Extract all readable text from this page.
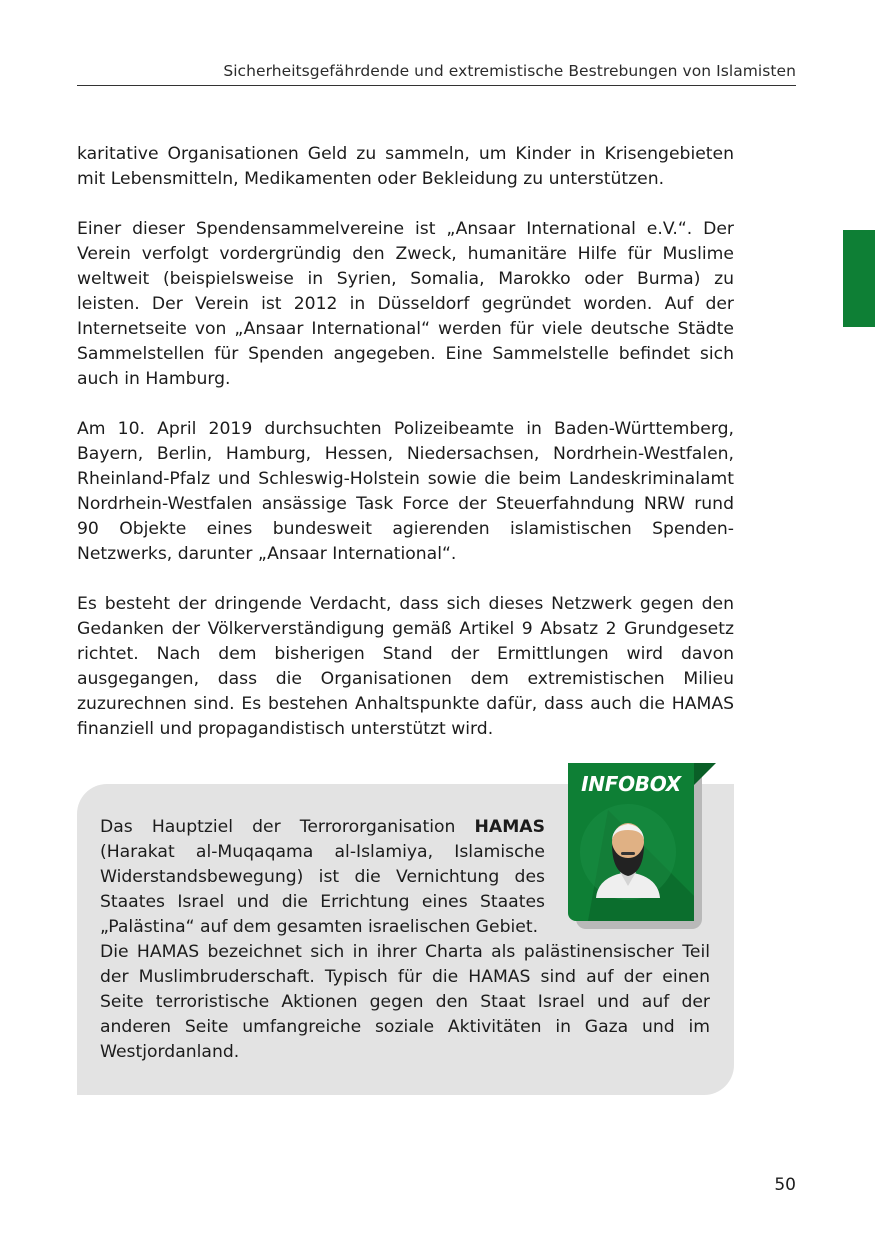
Sicherheitsgefährdende und extremistische Bestrebungen von Islamisten

karitative Organisationen Geld zu sammeln, um Kinder in Krisengebieten mit Lebensmitteln, Medikamenten oder Bekleidung zu unterstützen.

Einer dieser Spendensammelvereine ist „Ansaar International e.V.“. Der Verein verfolgt vordergründig den Zweck, humanitäre Hilfe für Muslime weltweit (beispielsweise in Syrien, Somalia, Marokko oder Burma) zu leisten. Der Verein ist 2012 in Düsseldorf gegründet worden. Auf der Internetseite von „Ansaar International“ werden für viele deutsche Städte Sammelstellen für Spenden angegeben. Eine Sammelstelle befindet sich auch in Hamburg.

Am 10. April 2019 durchsuchten Polizeibeamte in Baden-Württemberg, Bayern, Berlin, Hamburg, Hessen, Niedersachsen, Nordrhein-Westfalen, Rheinland-Pfalz und Schleswig-Holstein sowie die beim Landeskriminalamt Nordrhein-Westfalen ansässige Task Force der Steuerfahndung NRW rund 90 Objekte eines bundesweit agierenden islamistischen Spenden-Netzwerks, darunter „Ansaar International“.

Es besteht der dringende Verdacht, dass sich dieses Netzwerk gegen den Gedanken der Völkerverständigung gemäß Artikel 9 Absatz 2 Grundgesetz richtet. Nach dem bisherigen Stand der Ermittlungen wird davon ausgegangen, dass die Organisationen dem extremistischen Milieu zuzurechnen sind. Es bestehen Anhaltspunkte dafür, dass auch die HAMAS finanziell und propagandistisch unterstützt wird.

Das Hauptziel der Terrororganisation HAMAS (Harakat al-Muqaqama al-Islamiya, Islamische Widerstandsbewegung) ist die Vernichtung des Staates Israel und die Errichtung eines Staates „Palästina“ auf dem gesamten israelischen Gebiet.
Die HAMAS bezeichnet sich in ihrer Charta als palästinensischer Teil der Muslimbruderschaft. Typisch für die HAMAS sind auf der einen Seite terroristische Aktionen gegen den Staat Israel und auf der anderen Seite umfangreiche soziale Aktivitäten in Gaza und im Westjordanland.
INFOBOX
50
